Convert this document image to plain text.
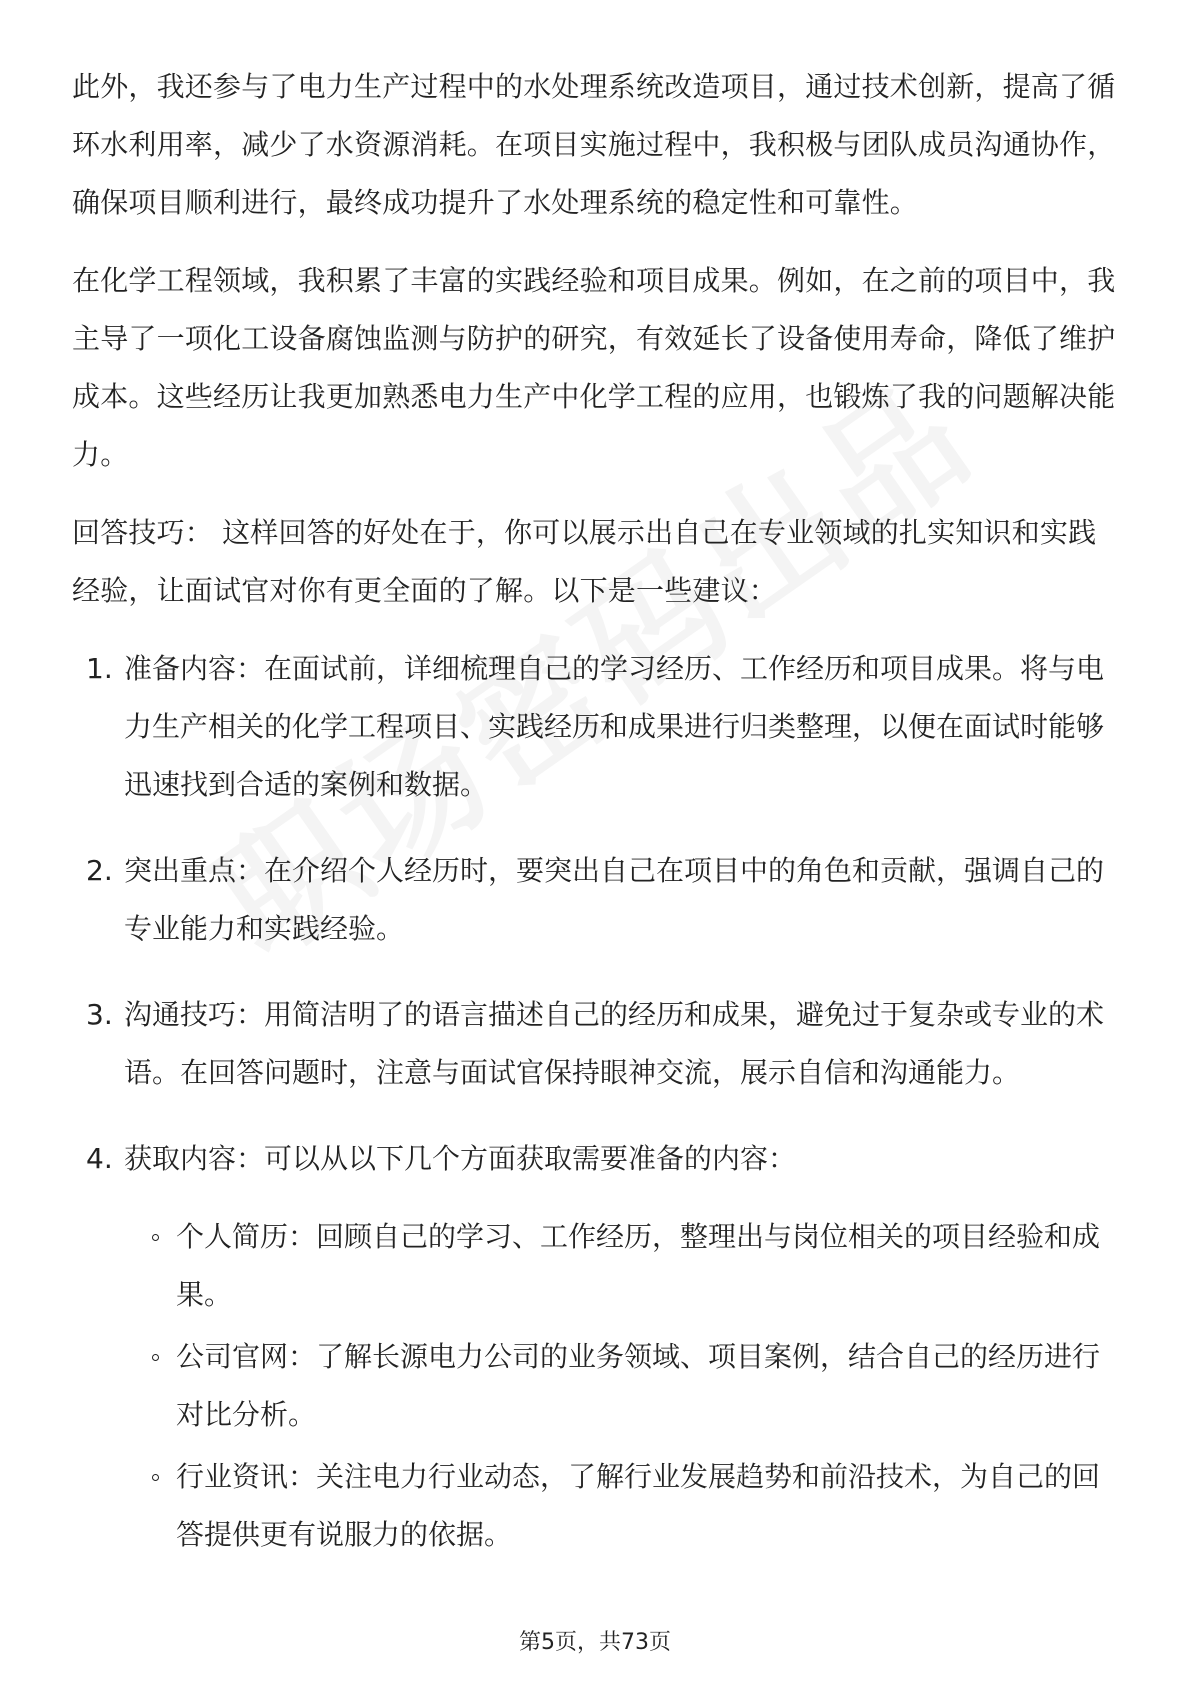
此外，我还参与了电力生产过程中的水处理系统改造项目，通过技术创新，提高了循环水利用率，减少了水资源消耗。在项目实施过程中，我积极与团队成员沟通协作，确保项目顺利进行，最终成功提升了水处理系统的稳定性和可靠性。

在化学工程领域，我积累了丰富的实践经验和项目成果。例如，在之前的项目中，我主导了一项化工设备腐蚀监测与防护的研究，有效延长了设备使用寿命，降低了维护成本。这些经历让我更加熟悉电力生产中化学工程的应用，也锻炼了我的问题解决能力。

回答技巧： 这样回答的好处在于，你可以展示出自己在专业领域的扎实知识和实践经验，让面试官对你有更全面的了解。以下是一些建议：

1. 准备内容：在面试前，详细梳理自己的学习经历、工作经历和项目成果。将与电力生产相关的化学工程项目、实践经历和成果进行归类整理，以便在面试时能够迅速找到合适的案例和数据。
2. 突出重点：在介绍个人经历时，要突出自己在项目中的角色和贡献，强调自己的专业能力和实践经验。
3. 沟通技巧：用简洁明了的语言描述自己的经历和成果，避免过于复杂或专业的术语。在回答问题时，注意与面试官保持眼神交流，展示自信和沟通能力。
4. 获取内容：可以从以下几个方面获取需要准备的内容：
个人简历：回顾自己的学习、工作经历，整理出与岗位相关的项目经验和成果。
公司官网：了解长源电力公司的业务领域、项目案例，结合自己的经历进行对比分析。
行业资讯：关注电力行业动态，了解行业发展趋势和前沿技术，为自己的回答提供更有说服力的依据。
第5页，共73页
